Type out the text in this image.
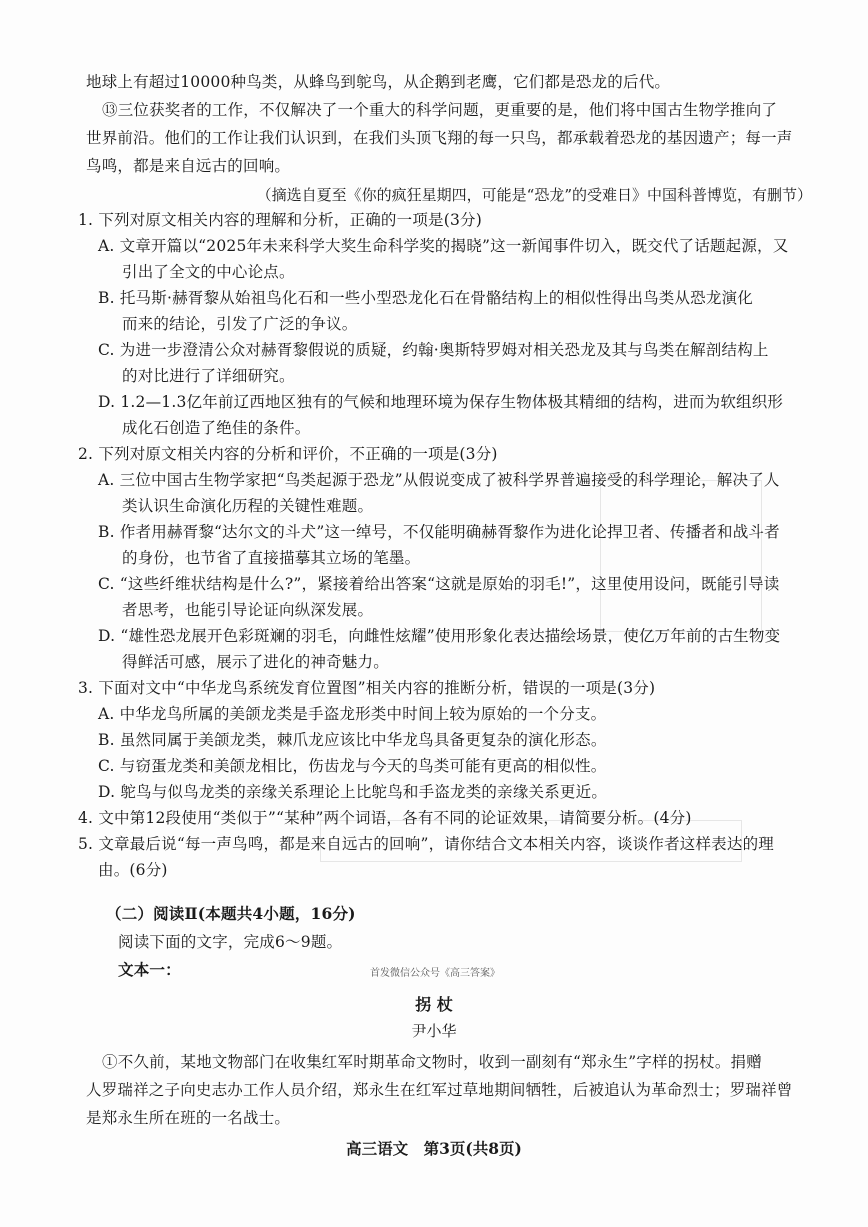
地球上有超过10000种鸟类，从蜂鸟到鸵鸟，从企鹅到老鹰，它们都是恐龙的后代。
⑬三位获奖者的工作，不仅解决了一个重大的科学问题，更重要的是，他们将中国古生物学推向了
世界前沿。他们的工作让我们认识到，在我们头顶飞翔的每一只鸟，都承载着恐龙的基因遗产；每一声
鸟鸣，都是来自远古的回响。
（摘选自夏至《你的疯狂星期四，可能是“恐龙”的受难日》中国科普博览，有删节）
1. 下列对原文相关内容的理解和分析，正确的一项是(3分)
A. 文章开篇以“2025年未来科学大奖生命科学奖的揭晓”这一新闻事件切入，既交代了话题起源，又
引出了全文的中心论点。
B. 托马斯·赫胥黎从始祖鸟化石和一些小型恐龙化石在骨骼结构上的相似性得出鸟类从恐龙演化
而来的结论，引发了广泛的争议。
C. 为进一步澄清公众对赫胥黎假说的质疑，约翰·奥斯特罗姆对相关恐龙及其与鸟类在解剖结构上
的对比进行了详细研究。
D. 1.2—1.3亿年前辽西地区独有的气候和地理环境为保存生物体极其精细的结构，进而为软组织形
成化石创造了绝佳的条件。
2. 下列对原文相关内容的分析和评价，不正确的一项是(3分)
A. 三位中国古生物学家把“鸟类起源于恐龙”从假说变成了被科学界普遍接受的科学理论，解决了人
类认识生命演化历程的关键性难题。
B. 作者用赫胥黎“达尔文的斗犬”这一绰号，不仅能明确赫胥黎作为进化论捍卫者、传播者和战斗者
的身份，也节省了直接描摹其立场的笔墨。
C. “这些纤维状结构是什么?”，紧接着给出答案“这就是原始的羽毛!”，这里使用设问，既能引导读
者思考，也能引导论证向纵深发展。
D. “雄性恐龙展开色彩斑斓的羽毛，向雌性炫耀”使用形象化表达描绘场景，使亿万年前的古生物变
得鲜活可感，展示了进化的神奇魅力。
3. 下面对文中“中华龙鸟系统发育位置图”相关内容的推断分析，错误的一项是(3分)
A. 中华龙鸟所属的美颌龙类是手盗龙形类中时间上较为原始的一个分支。
B. 虽然同属于美颌龙类，棘爪龙应该比中华龙鸟具备更复杂的演化形态。
C. 与窃蛋龙类和美颌龙相比，伤齿龙与今天的鸟类可能有更高的相似性。
D. 鸵鸟与似鸟龙类的亲缘关系理论上比鸵鸟和手盗龙类的亲缘关系更近。
4. 文中第12段使用“类似于”“某种”两个词语，各有不同的论证效果，请简要分析。(4分)
5. 文章最后说“每一声鸟鸣，都是来自远古的回响”，请你结合文本相关内容，谈谈作者这样表达的理
由。(6分)
（二）阅读Ⅱ(本题共4小题，16分)
阅读下面的文字，完成6～9题。
文本一：	首发微信公众号《高三答案》
拐 杖
尹小华
①不久前，某地文物部门在收集红军时期革命文物时，收到一副刻有“郑永生”字样的拐杖。捐赠
人罗瑞祥之子向史志办工作人员介绍，郑永生在红军过草地期间牺牲，后被追认为革命烈士；罗瑞祥曾
是郑永生所在班的一名战士。
高三语文　第3页(共8页)
